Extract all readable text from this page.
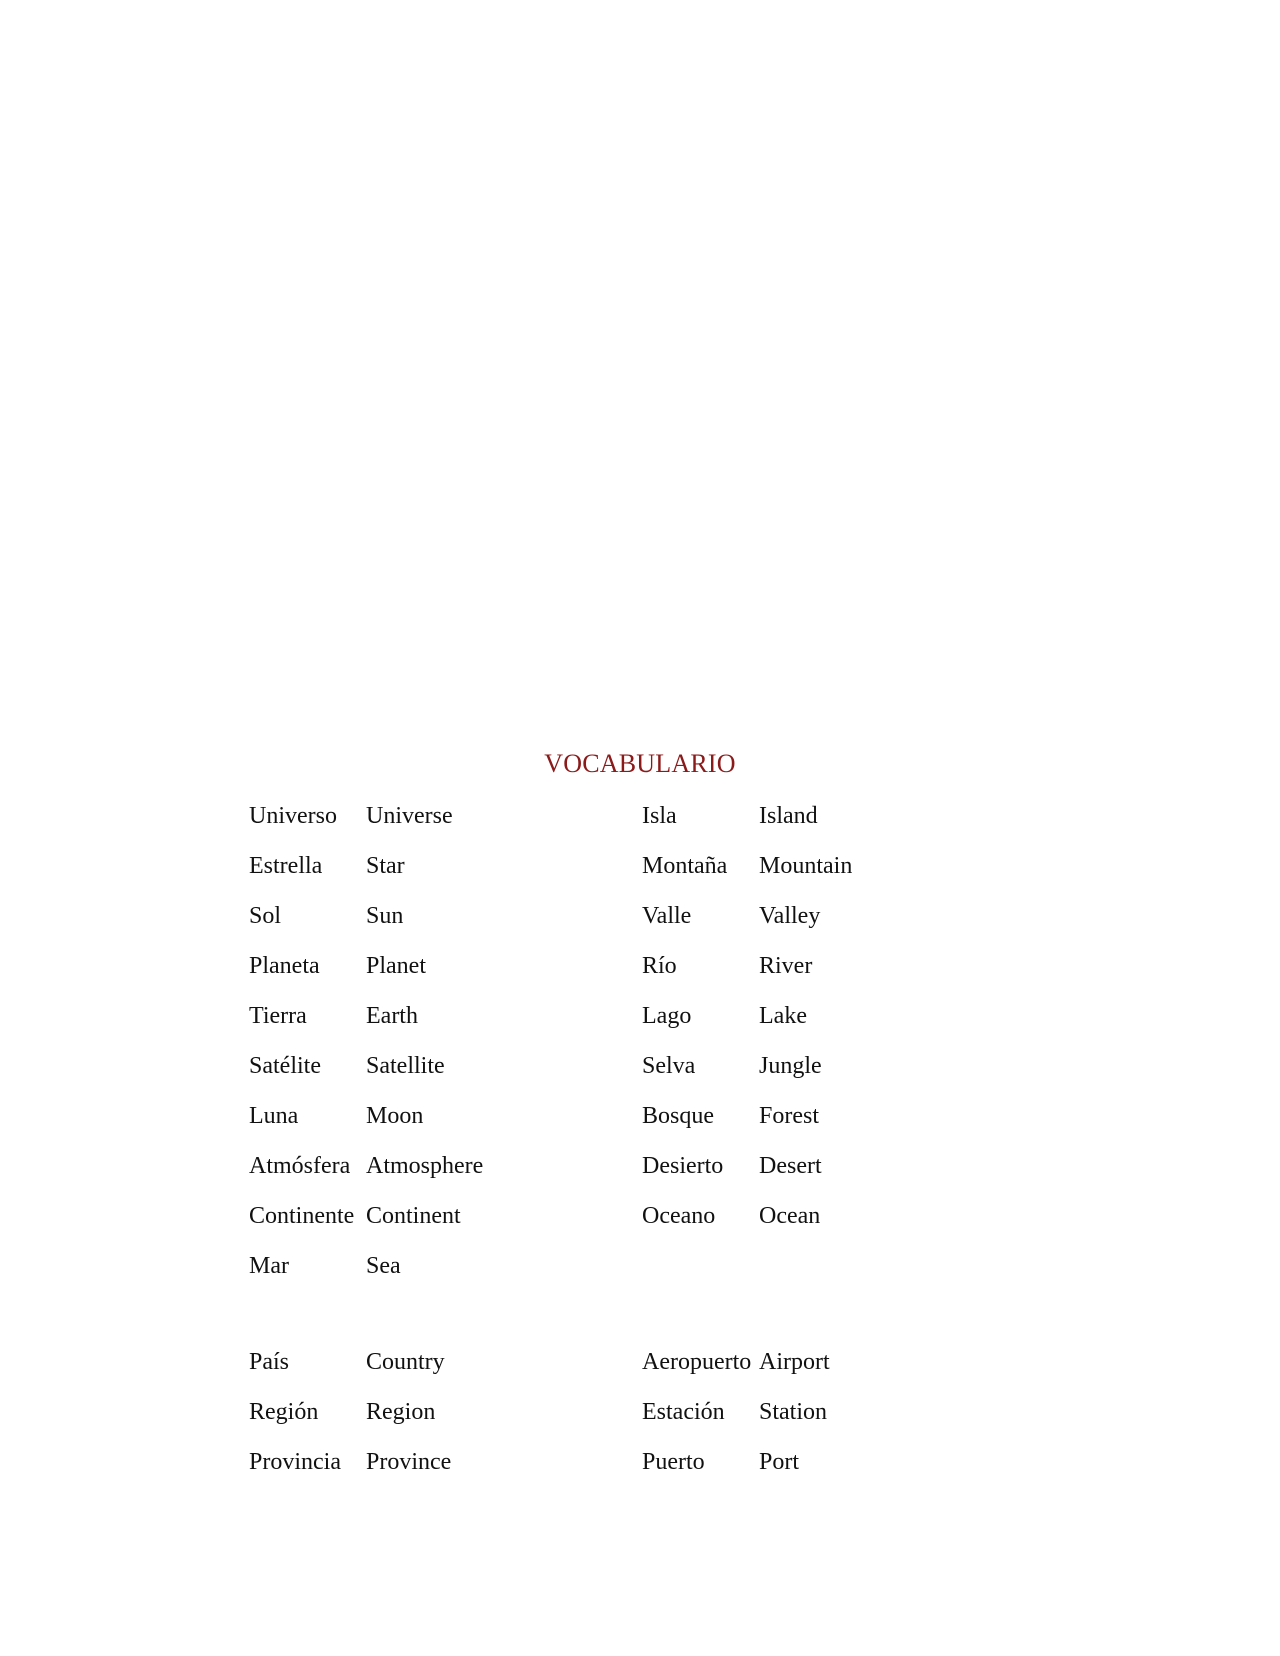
VOCABULARIO
Universo Universe	Isla	Island
Estrella Star	Montaña Mountain
Sol	Sun	Valle	Valley
Planeta Planet	Río	River
Tierra Earth	Lago	Lake
Satélite Satellite	Selva	Jungle
Luna	Moon	Bosque Forest
Atmósfera Atmosphere	Desierto Desert
Continente Continent	Oceano Ocean
Mar	Sea
País	Country	Aeropuerto Airport
Región Region	Estación Station
Provincia Province	Puerto Port
